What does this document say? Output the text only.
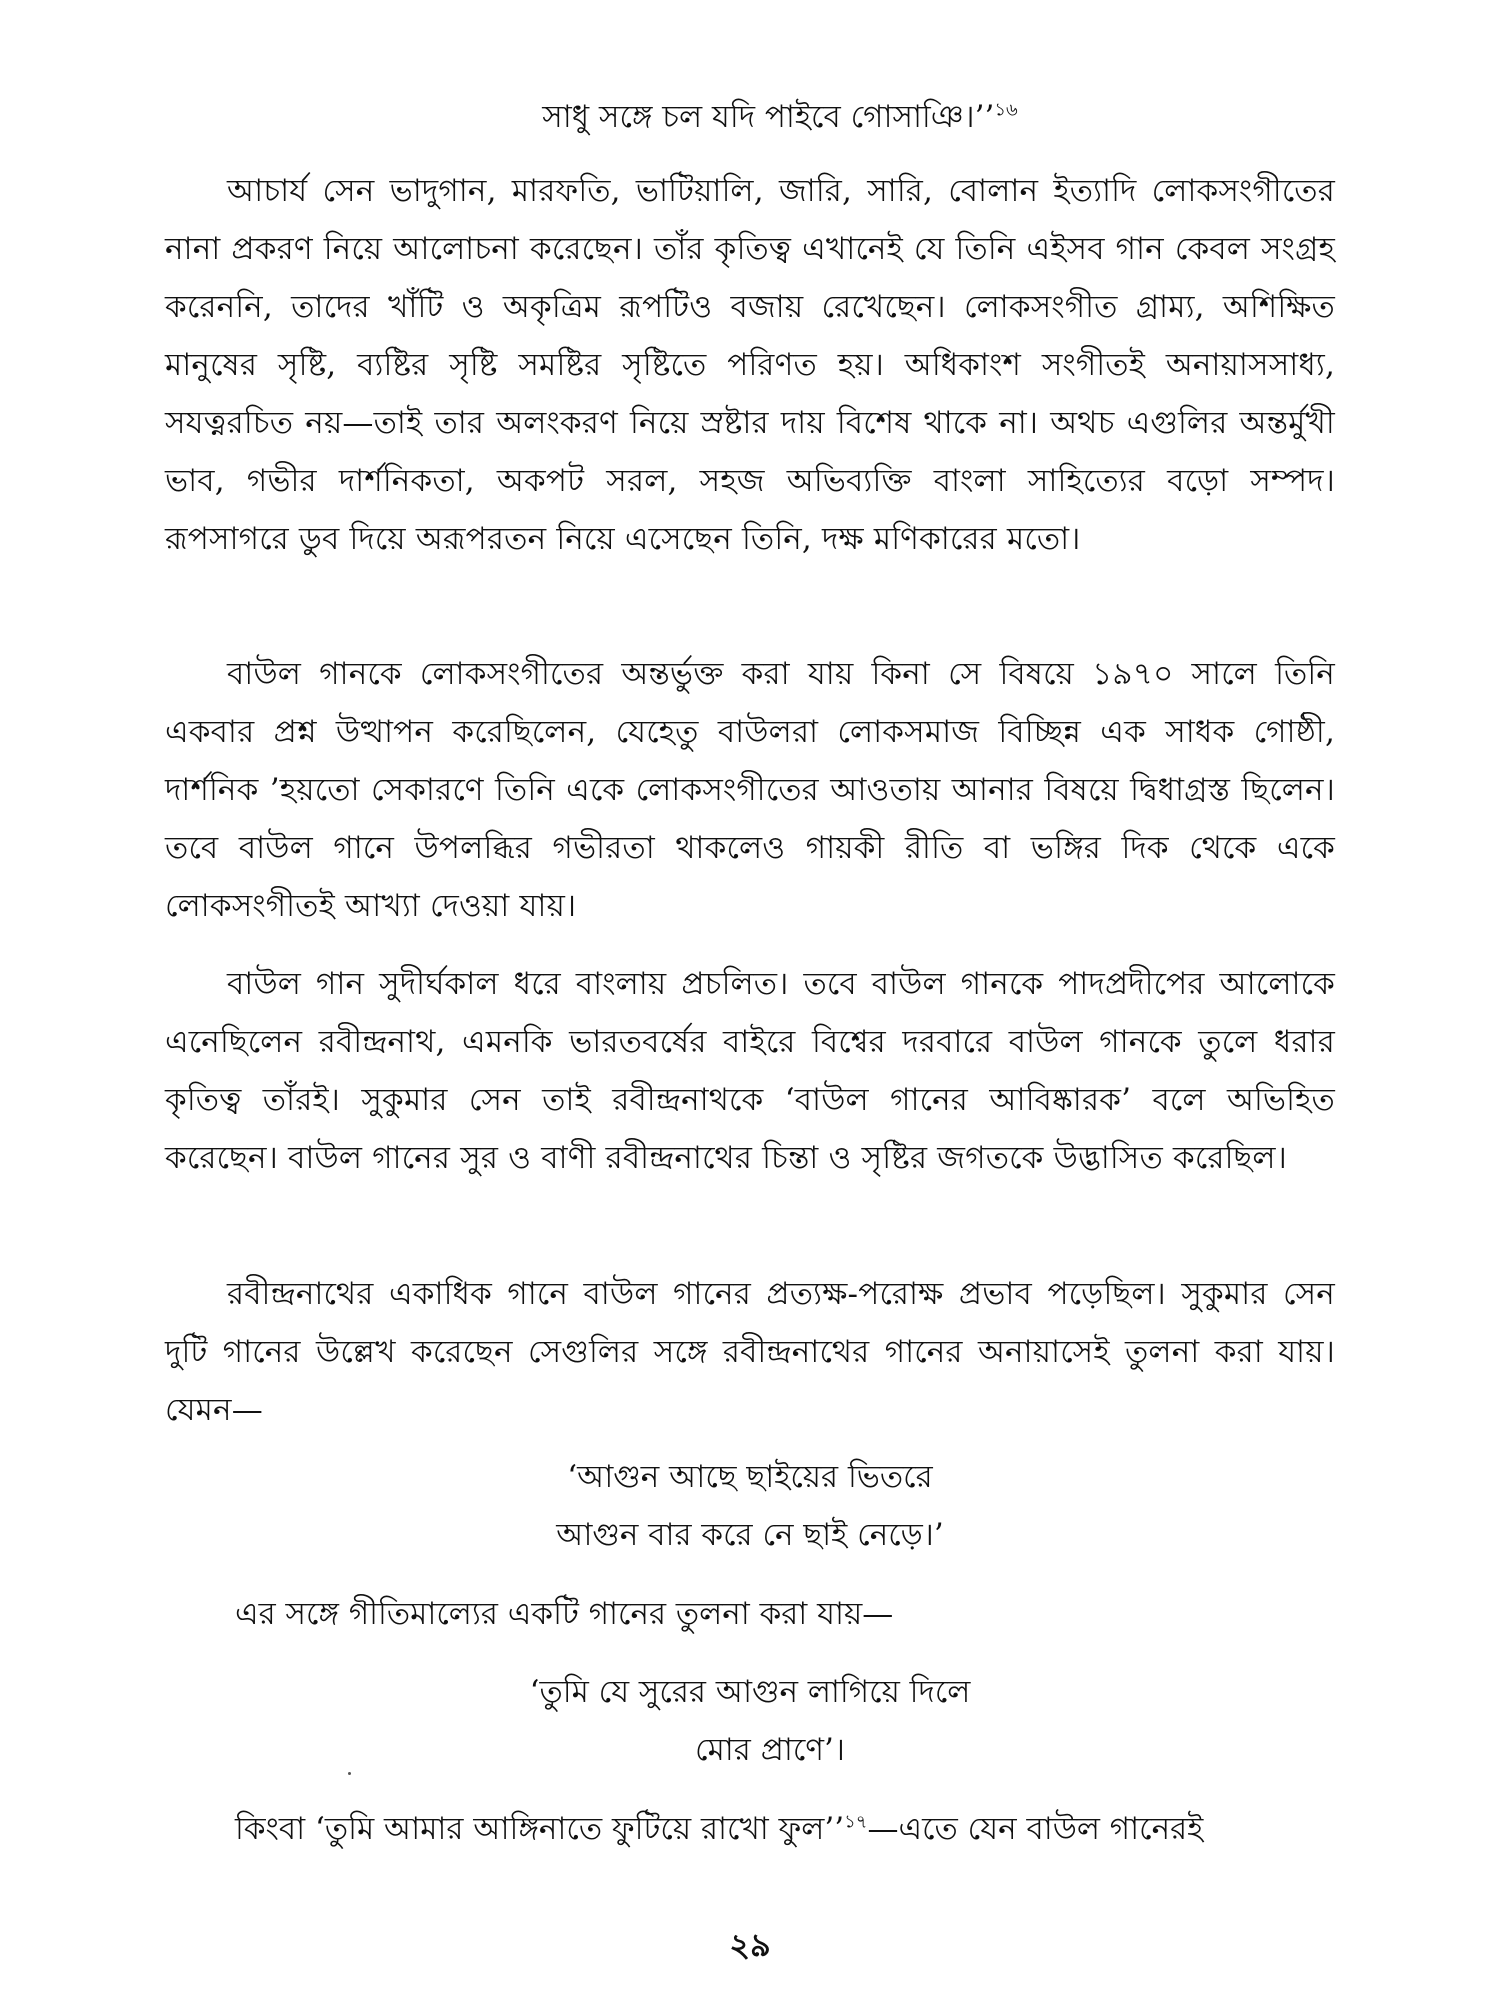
সাধু সঙ্গে চল যদি পাইবে গোসাঞি।’’$^{১৬}$
আচার্য সেন ভাদুগান, মারফতি, ভাটিয়ালি, জারি, সারি, বোলান ইত্যাদি লোকসংগীতের নানা প্রকরণ নিয়ে আলোচনা করেছেন। তাঁর কৃতিত্ব এখানেই যে তিনি এইসব গান কেবল সংগ্রহ করেননি, তাদের খাঁটি ও অকৃত্রিম রূপটিও বজায় রেখেছেন। লোকসংগীত গ্রাম্য, অশিক্ষিত মানুষের সৃষ্টি, ব্যষ্টির সৃষ্টি সমষ্টির সৃষ্টিতে পরিণত হয়। অধিকাংশ সংগীতই অনায়াসসাধ্য, সযত্নরচিত নয়—তাই তার অলংকরণ নিয়ে স্রষ্টার দায় বিশেষ থাকে না। অথচ এগুলির অন্তর্মুখী ভাব, গভীর দার্শনিকতা, অকপট সরল, সহজ অভিব্যক্তি বাংলা সাহিত্যের বড়ো সম্পদ। রূপসাগরে ডুব দিয়ে অরূপরতন নিয়ে এসেছেন তিনি, দক্ষ মণিকারের মতো।
বাউল গানকে লোকসংগীতের অন্তর্ভুক্ত করা যায় কিনা সে বিষয়ে ১৯৭০ সালে তিনি একবার প্রশ্ন উত্থাপন করেছিলেন, যেহেতু বাউলরা লোকসমাজ বিচ্ছিন্ন এক সাধক গোষ্ঠী, দার্শনিক ’হয়তো সেকারণে তিনি একে লোকসংগীতের আওতায় আনার বিষয়ে দ্বিধাগ্রস্ত ছিলেন। তবে বাউল গানে উপলব্ধির গভীরতা থাকলেও গায়কী রীতি বা ভঙ্গির দিক থেকে একে লোকসংগীতই আখ্যা দেওয়া যায়।
বাউল গান সুদীর্ঘকাল ধরে বাংলায় প্রচলিত। তবে বাউল গানকে পাদপ্রদীপের আলোকে এনেছিলেন রবীন্দ্রনাথ, এমনকি ভারতবর্ষের বাইরে বিশ্বের দরবারে বাউল গানকে তুলে ধরার কৃতিত্ব তাঁরই। সুকুমার সেন তাই রবীন্দ্রনাথকে ‘বাউল গানের আবিষ্কারক’ বলে অভিহিত করেছেন। বাউল গানের সুর ও বাণী রবীন্দ্রনাথের চিন্তা ও সৃষ্টির জগতকে উদ্ভাসিত করেছিল।
রবীন্দ্রনাথের একাধিক গানে বাউল গানের প্রত্যক্ষ-পরোক্ষ প্রভাব পড়েছিল। সুকুমার সেন দুটি গানের উল্লেখ করেছেন সেগুলির সঙ্গে রবীন্দ্রনাথের গানের অনায়াসেই তুলনা করা যায়। যেমন—
‘আগুন আছে ছাইয়ের ভিতরে
আগুন বার করে নে ছাই নেড়ে।’
এর সঙ্গে গীতিমাল্যের একটি গানের তুলনা করা যায়—
‘তুমি যে সুরের আগুন লাগিয়ে দিলে
মোর প্রাণে’।
কিংবা ‘তুমি আমার আঙ্গিনাতে ফুটিয়ে রাখো ফুল’’$^{১৭}$—এতে যেন বাউল গানেরই
২৯
